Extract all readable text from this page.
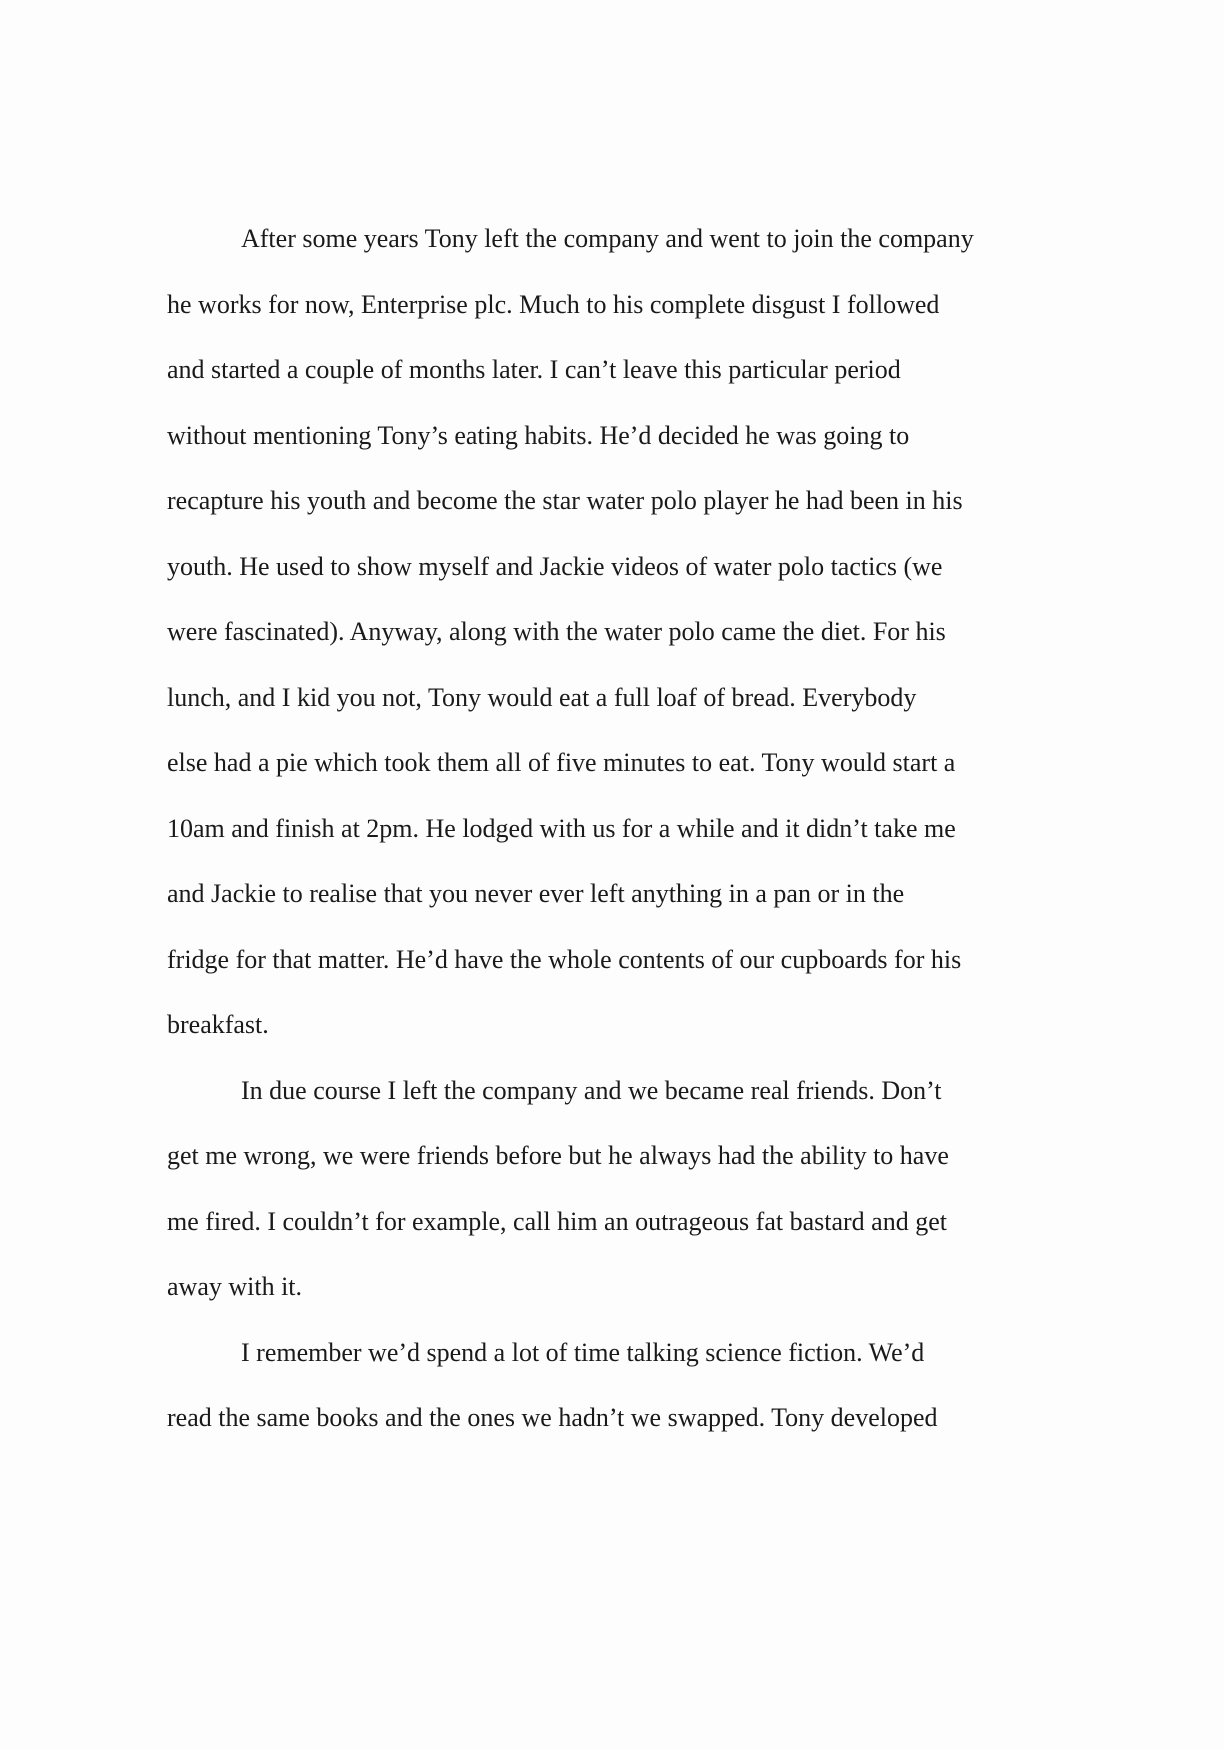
After some years Tony left the company and went to join the company
he works for now, Enterprise plc. Much to his complete disgust I followed
and started a couple of months later. I can’t leave this particular period
without mentioning Tony’s eating habits. He’d decided he was going to
recapture his youth and become the star water polo player he had been in his
youth. He used to show myself and Jackie videos of water polo tactics (we
were fascinated). Anyway, along with the water polo came the diet. For his
lunch, and I kid you not, Tony would eat a full loaf of bread. Everybody
else had a pie which took them all of five minutes to eat. Tony would start a
10am and finish at 2pm. He lodged with us for a while and it didn’t take me
and Jackie to realise that you never ever left anything in a pan or in the
fridge for that matter. He’d have the whole contents of our cupboards for his
breakfast.
In due course I left the company and we became real friends. Don’t
get me wrong, we were friends before but he always had the ability to have
me fired. I couldn’t for example, call him an outrageous fat bastard and get
away with it.
I remember we’d spend a lot of time talking science fiction. We’d
read the same books and the ones we hadn’t we swapped. Tony developed
